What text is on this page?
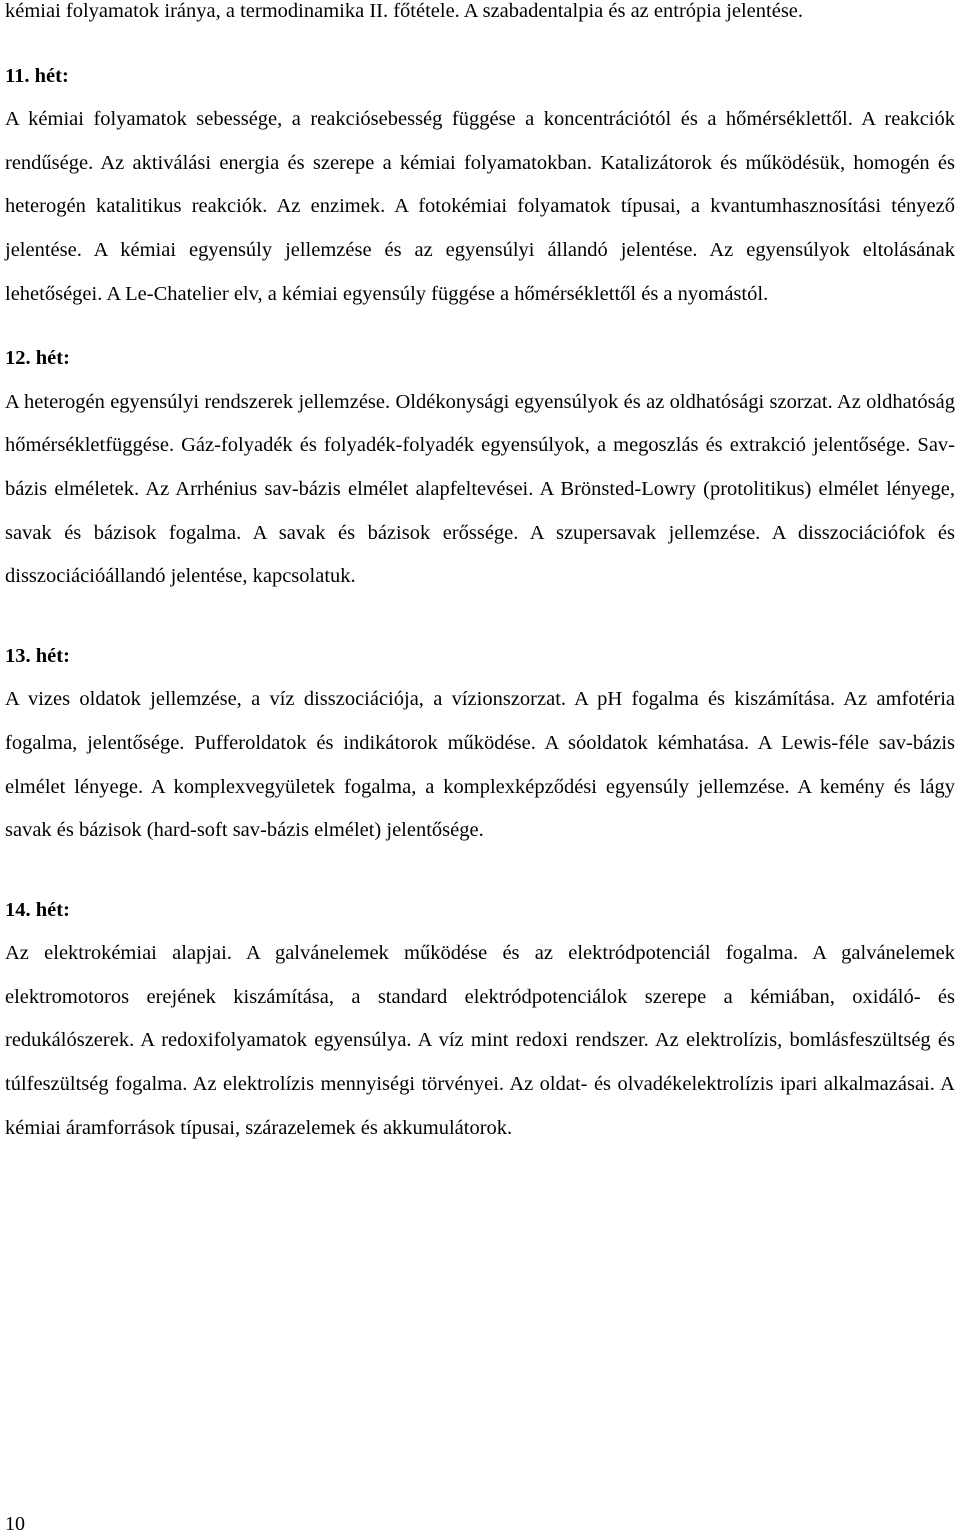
kémiai folyamatok iránya, a termodinamika II. főtétele. A szabadentalpia és az entrópia jelentése.

11. hét:

A kémiai folyamatok sebessége, a reakciósebesség függése a koncentrációtól és a hőmérséklettől. A reakciók rendűsége. Az aktiválási energia és szerepe a kémiai folyamatokban. Katalizátorok és működésük, homogén és heterogén katalitikus reakciók. Az enzimek. A fotokémiai folyamatok típusai, a kvantumhasznosítási tényező jelentése. A kémiai egyensúly jellemzése és az egyensúlyi állandó jelentése. Az egyensúlyok eltolásának lehetőségei. A Le-Chatelier elv, a kémiai egyensúly függése a hőmérséklettől és a nyomástól.

12. hét:

A heterogén egyensúlyi rendszerek jellemzése. Oldékonysági egyensúlyok és az oldhatósági szorzat. Az oldhatóság hőmérsékletfüggése. Gáz-folyadék és folyadék-folyadék egyensúlyok, a megoszlás és extrakció jelentősége. Sav-bázis elméletek. Az Arrhénius sav-bázis elmélet alapfeltevései. A Brönsted-Lowry (protolitikus) elmélet lényege, savak és bázisok fogalma. A savak és bázisok erőssége. A szupersavak jellemzése. A disszociációfok és disszociációállandó jelentése, kapcsolatuk.

13. hét:

A vizes oldatok jellemzése, a víz disszociációja, a vízionszorzat. A pH fogalma és kiszámítása. Az amfotéria fogalma, jelentősége. Pufferoldatok és indikátorok működése. A sóoldatok kémhatása. A Lewis-féle sav-bázis elmélet lényege. A komplexvegyületek fogalma, a komplexképződési egyensúly jellemzése. A kemény és lágy savak és bázisok (hard-soft sav-bázis elmélet) jelentősége.

14. hét:

Az elektrokémiai alapjai. A galvánelemek működése és az elektródpotenciál fogalma. A galvánelemek elektromotoros erejének kiszámítása, a standard elektródpotenciálok szerepe a kémiában, oxidáló- és redukálószerek. A redoxifolyamatok egyensúlya. A víz mint redoxi rendszer. Az elektrolízis, bomlásfeszültség és túlfeszültség fogalma. Az elektrolízis mennyiségi törvényei. Az oldat- és olvadékelektrolízis ipari alkalmazásai. A kémiai áramforrások típusai, szárazelemek és akkumulátorok.

10
